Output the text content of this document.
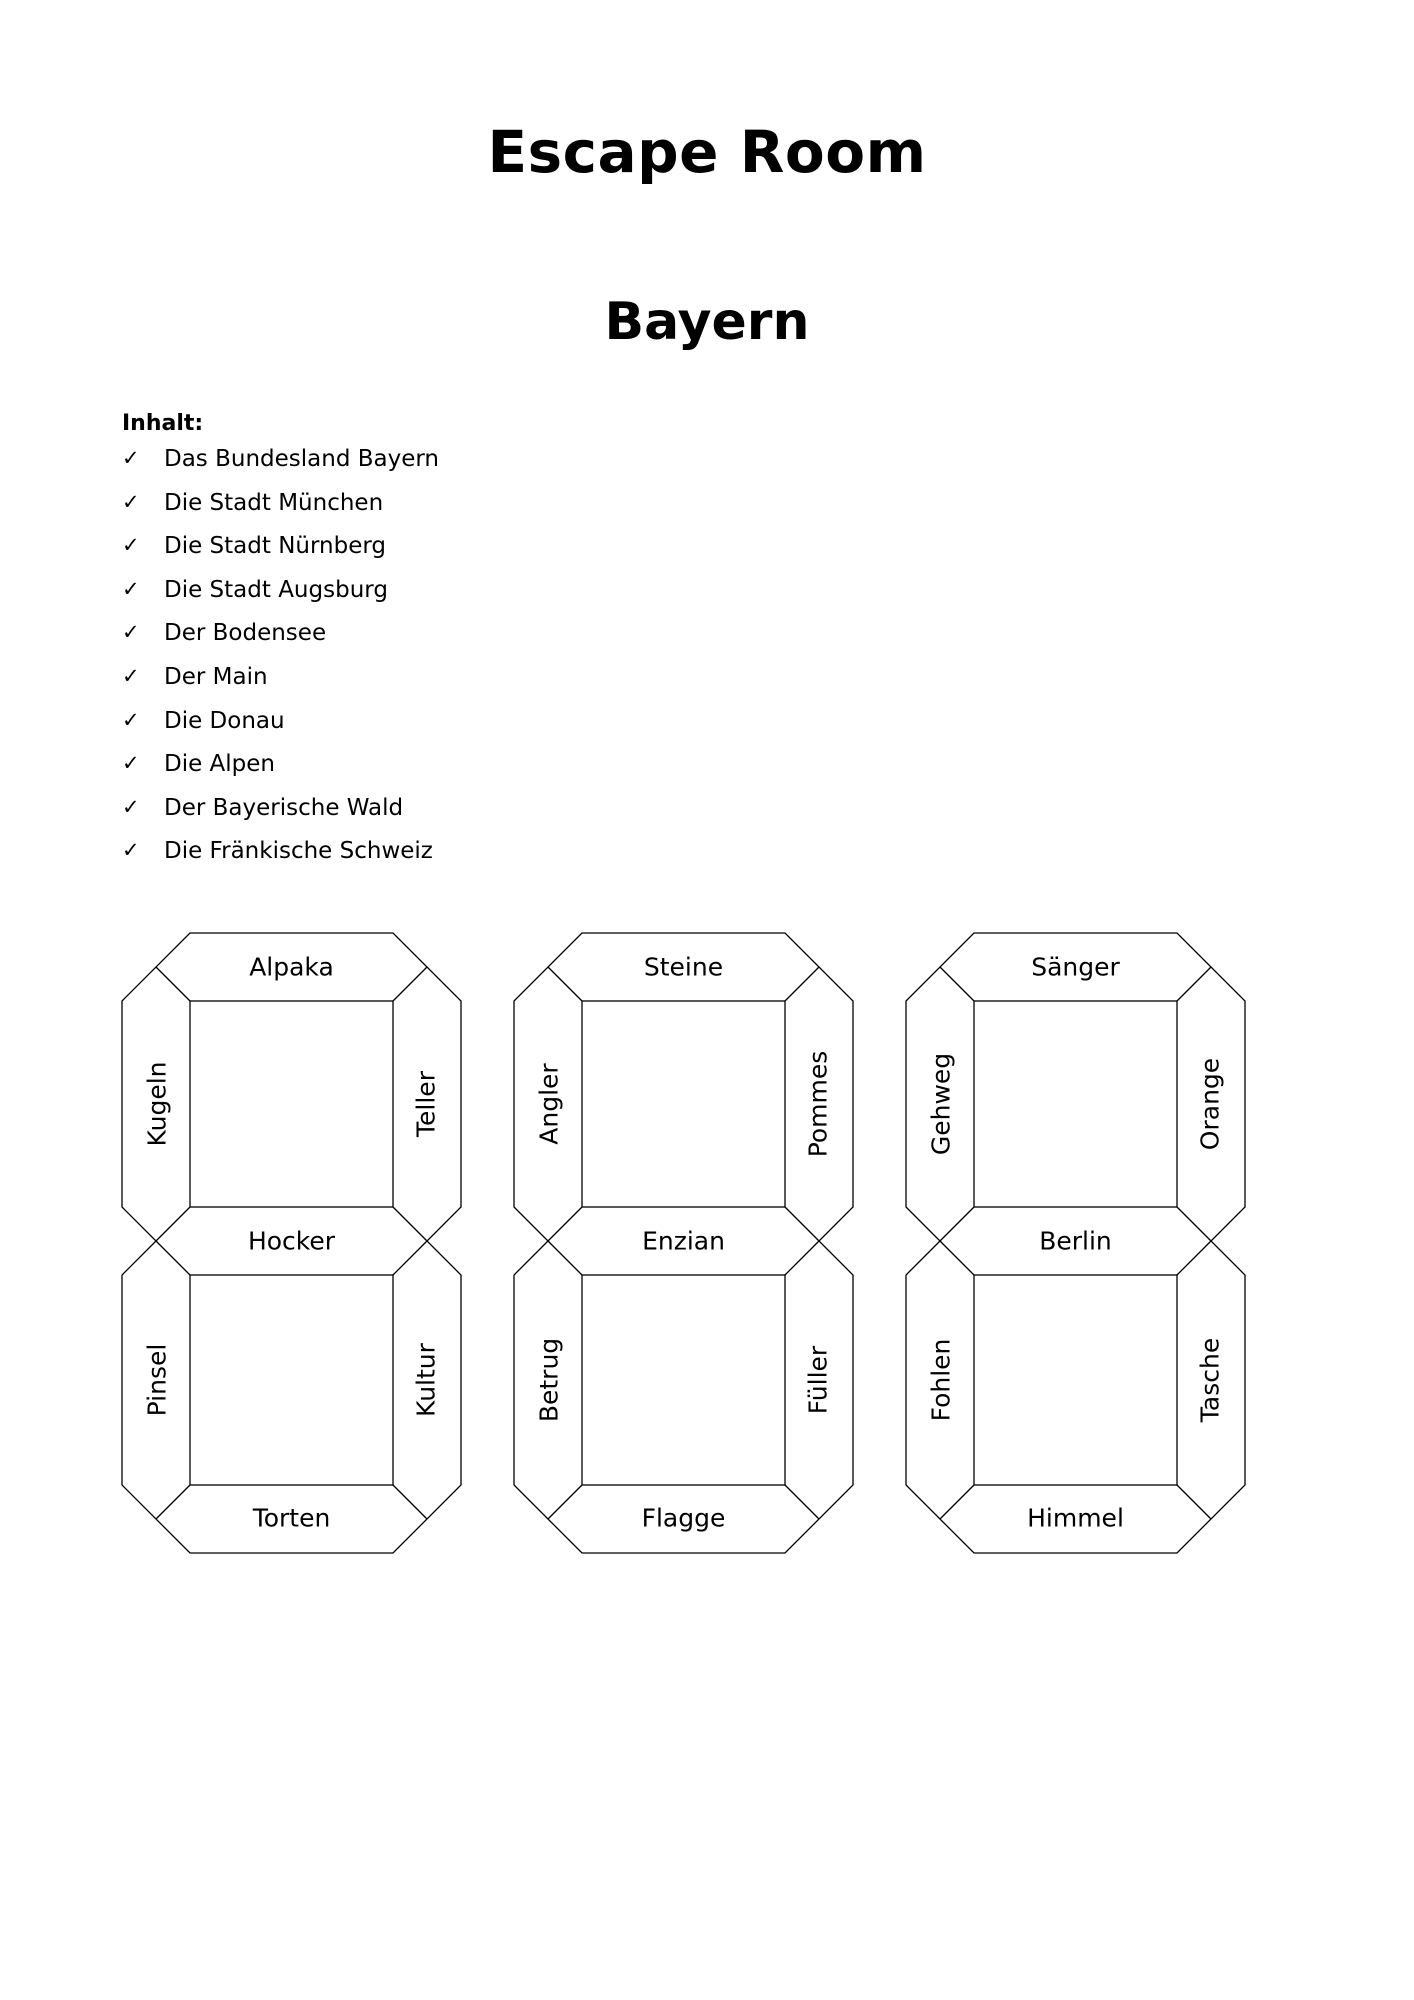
Escape Room
Bayern

Inhalt:

✓	Das Bundesland Bayern
✓	Die Stadt München
✓	Die Stadt Nürnberg
✓	Die Stadt Augsburg
✓	Der Bodensee
✓	Der Main
✓	Die Donau
✓	Die Alpen
✓	Der Bayerische Wald
✓	Die Fränkische Schweiz
Alpaka
Kugeln	Teller
Hocker
Pinsel	Kultur
Torten
Steine
Angler	Pommes
Enzian
Betrug	Füller
Flagge
Sänger
Gehweg	Orange
Berlin
Fohlen	Tasche
Himmel
